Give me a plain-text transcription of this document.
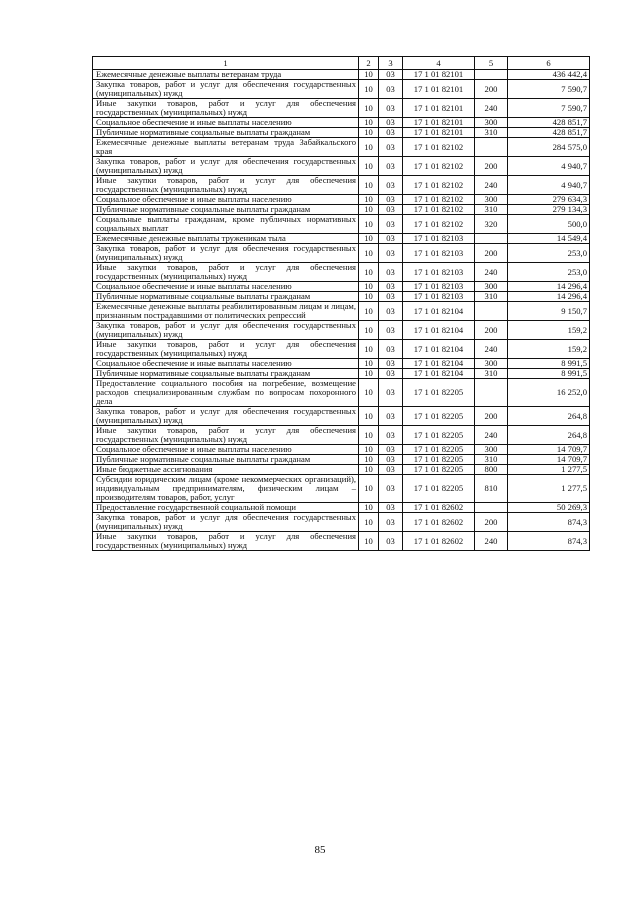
1	2	3	4	5	6
Ежемесячные денежные выплаты ветеранам труда	10	03	17 1 01 82101		436 442,4
Закупка товаров, работ и услуг для обеспечения государственных (муниципальных) нужд	10	03	17 1 01 82101	200	7 590,7
Иные закупки товаров, работ и услуг для обеспечения государственных (муниципальных) нужд	10	03	17 1 01 82101	240	7 590,7
Социальное обеспечение и иные выплаты населению	10	03	17 1 01 82101	300	428 851,7
Публичные нормативные социальные выплаты гражданам	10	03	17 1 01 82101	310	428 851,7
Ежемесячные денежные выплаты ветеранам труда Забайкальского края	10	03	17 1 01 82102		284 575,0
Закупка товаров, работ и услуг для обеспечения государственных (муниципальных) нужд	10	03	17 1 01 82102	200	4 940,7
Иные закупки товаров, работ и услуг для обеспечения государственных (муниципальных) нужд	10	03	17 1 01 82102	240	4 940,7
Социальное обеспечение и иные выплаты населению	10	03	17 1 01 82102	300	279 634,3
Публичные нормативные социальные выплаты гражданам	10	03	17 1 01 82102	310	279 134,3
Социальные выплаты гражданам, кроме публичных нормативных социальных выплат	10	03	17 1 01 82102	320	500,0
Ежемесячные денежные выплаты труженикам тыла	10	03	17 1 01 82103		14 549,4
Закупка товаров, работ и услуг для обеспечения государственных (муниципальных) нужд	10	03	17 1 01 82103	200	253,0
Иные закупки товаров, работ и услуг для обеспечения государственных (муниципальных) нужд	10	03	17 1 01 82103	240	253,0
Социальное обеспечение и иные выплаты населению	10	03	17 1 01 82103	300	14 296,4
Публичные нормативные социальные выплаты гражданам	10	03	17 1 01 82103	310	14 296,4
Ежемесячные денежные выплаты реабилитированным лицам и лицам, признанным пострадавшими от политических репрессий	10	03	17 1 01 82104		9 150,7
Закупка товаров, работ и услуг для обеспечения государственных (муниципальных) нужд	10	03	17 1 01 82104	200	159,2
Иные закупки товаров, работ и услуг для обеспечения государственных (муниципальных) нужд	10	03	17 1 01 82104	240	159,2
Социальное обеспечение и иные выплаты населению	10	03	17 1 01 82104	300	8 991,5
Публичные нормативные социальные выплаты гражданам	10	03	17 1 01 82104	310	8 991,5
Предоставление социального пособия на погребение, возмещение расходов специализированным службам по вопросам похоронного дела	10	03	17 1 01 82205		16 252,0
Закупка товаров, работ и услуг для обеспечения государственных (муниципальных) нужд	10	03	17 1 01 82205	200	264,8
Иные закупки товаров, работ и услуг для обеспечения государственных (муниципальных) нужд	10	03	17 1 01 82205	240	264,8
Социальное обеспечение и иные выплаты населению	10	03	17 1 01 82205	300	14 709,7
Публичные нормативные социальные выплаты гражданам	10	03	17 1 01 82205	310	14 709,7
Иные бюджетные ассигнования	10	03	17 1 01 82205	800	1 277,5
Субсидии юридическим лицам (кроме некоммерческих организаций), индивидуальным предпринимателям, физическим лицам – производителям товаров, работ, услуг	10	03	17 1 01 82205	810	1 277,5
Предоставление государственной социальной помощи	10	03	17 1 01 82602		50 269,3
Закупка товаров, работ и услуг для обеспечения государственных (муниципальных) нужд	10	03	17 1 01 82602	200	874,3
Иные закупки товаров, работ и услуг для обеспечения государственных (муниципальных) нужд	10	03	17 1 01 82602	240	874,3
85
